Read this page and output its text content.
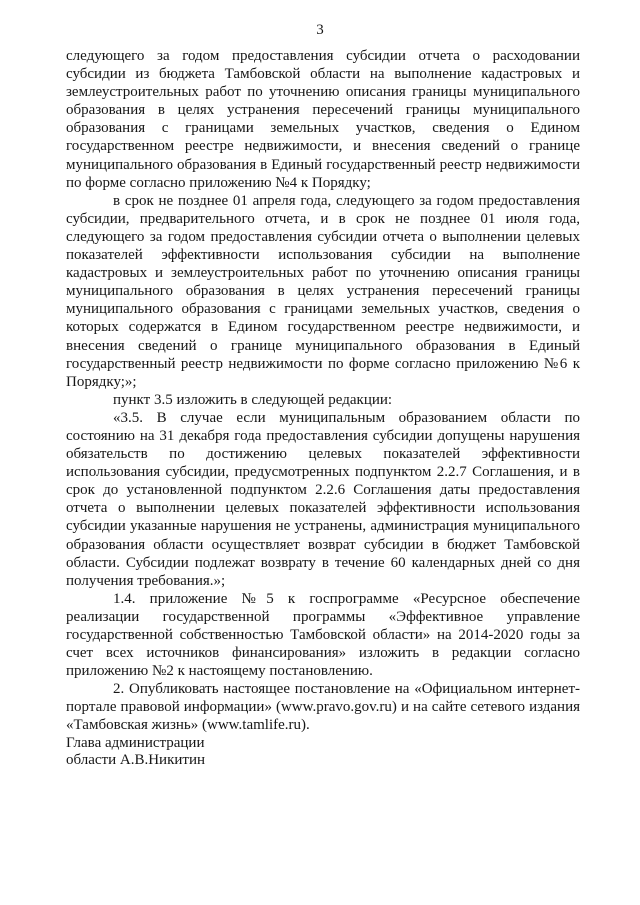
3

следующего за годом предоставления субсидии отчета о расходовании субсидии из бюджета Тамбовской области на выполнение кадастровых и землеустроительных работ по уточнению описания границы муниципального образования в целях устранения пересечений границы муниципального образования с границами земельных участков, сведения о Едином государственном реестре недвижимости, и внесения сведений о границе муниципального образования в Единый государственный реестр недвижимости по форме согласно приложению №4 к Порядку;

в срок не позднее 01 апреля года, следующего за годом предоставления субсидии, предварительного отчета, и в срок не позднее 01 июля года, следующего за годом предоставления субсидии отчета о выполнении целевых показателей эффективности использования субсидии на выполнение кадастровых и землеустроительных работ по уточнению описания границы муниципального образования в целях устранения пересечений границы муниципального образования с границами земельных участков, сведения о которых содержатся в Едином государственном реестре недвижимости, и внесения сведений о границе муниципального образования в Единый государственный реестр недвижимости по форме согласно приложению №6 к Порядку;»;

пункт 3.5 изложить в следующей редакции:

«3.5. В случае если муниципальным образованием области по состоянию на 31 декабря года предоставления субсидии допущены нарушения обязательств по достижению целевых показателей эффективности использования субсидии, предусмотренных подпунктом 2.2.7 Соглашения, и в срок до установленной подпунктом 2.2.6 Соглашения даты предоставления отчета о выполнении целевых показателей эффективности использования субсидии указанные нарушения не устранены, администрация муниципального образования области осуществляет возврат субсидии в бюджет Тамбовской области. Субсидии подлежат возврату в течение 60 календарных дней со дня получения требования.»;

1.4. приложение №5 к госпрограмме «Ресурсное обеспечение реализации государственной программы «Эффективное управление государственной собственностью Тамбовской области» на 2014-2020 годы за счет всех источников финансирования» изложить в редакции согласно приложению №2 к настоящему постановлению.

2. Опубликовать настоящее постановление на «Официальном интернет-портале правовой информации» (www.pravo.gov.ru) и на сайте сетевого издания «Тамбовская жизнь» (www.tamlife.ru).

Глава администрации
области А.В.Никитин
